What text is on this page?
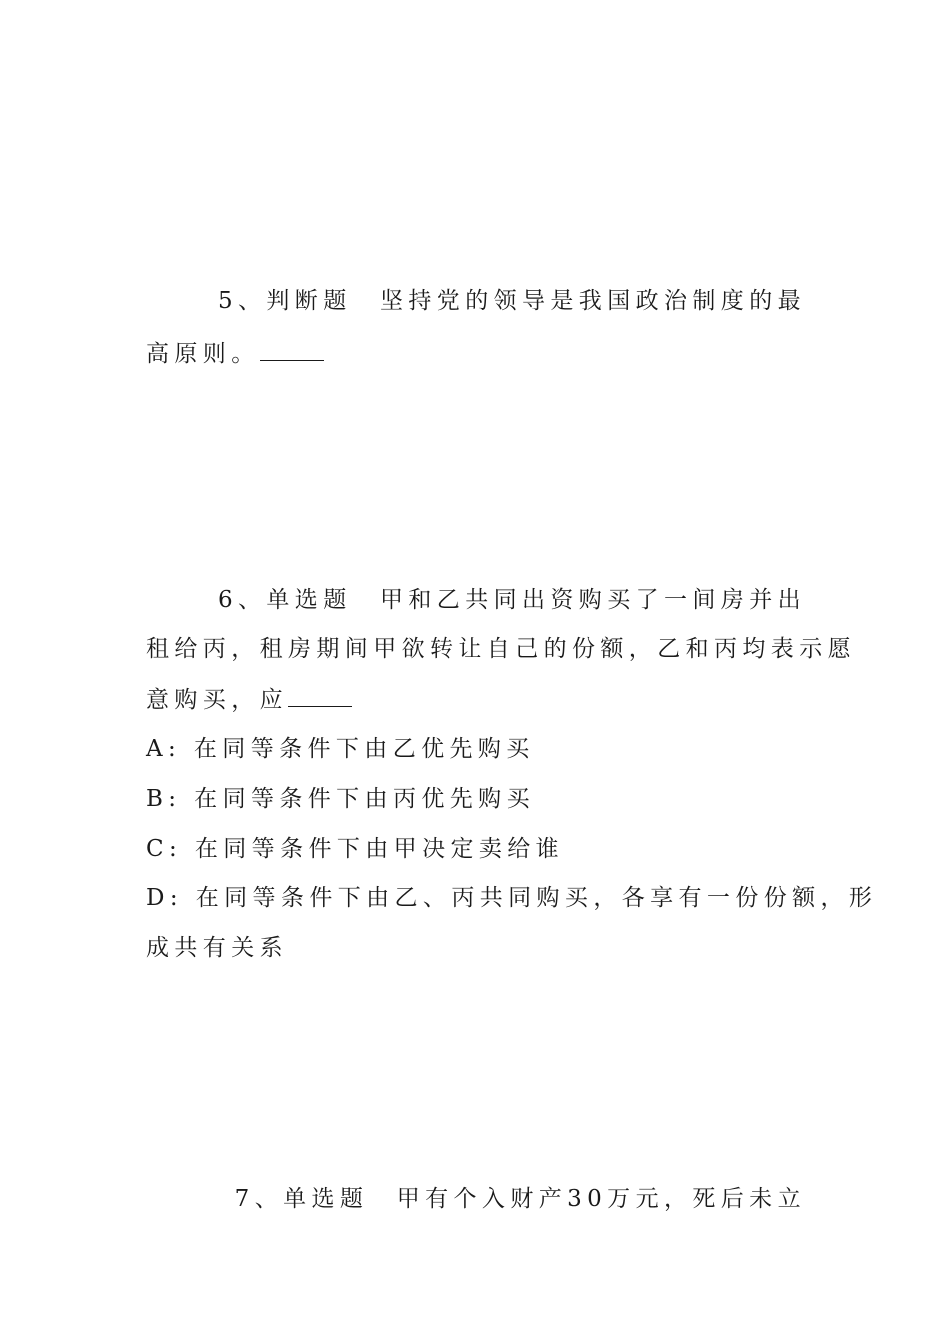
5、判断题　 坚持党的领导是我国政治制度的最
高原则。
6、单选题　 甲和乙共同出资购买了一间房并出
租给丙，租房期间甲欲转让自己的份额，乙和丙均表示愿
意购买，应
A: 在同等条件下由乙优先购买
B: 在同等条件下由丙优先购买
C: 在同等条件下由甲决定卖给谁
D: 在同等条件下由乙、丙共同购买，各享有一份份额，形
成共有关系
7、单选题　 甲有个入财产30万元，死后未立
